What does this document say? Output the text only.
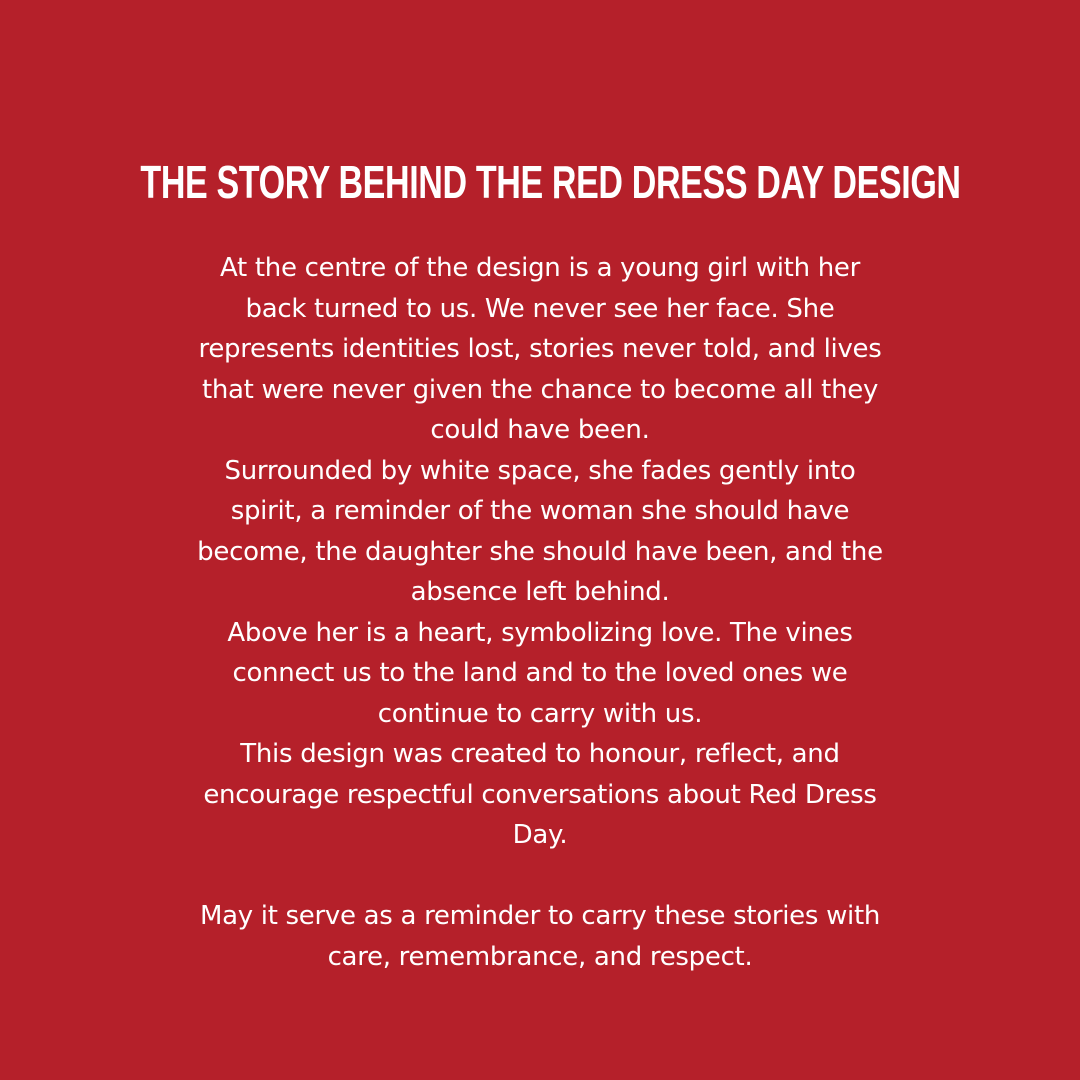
THE STORY BEHIND THE RED DRESS DAY DESIGN

At the centre of the design is a young girl with her
back turned to us. We never see her face. She
represents identities lost, stories never told, and lives
that were never given the chance to become all they
could have been.

Surrounded by white space, she fades gently into
spirit, a reminder of the woman she should have
become, the daughter she should have been, and the
absence left behind.

Above her is a heart, symbolizing love. The vines
connect us to the land and to the loved ones we
continue to carry with us.

This design was created to honour, reflect, and
encourage respectful conversations about Red Dress
Day.

May it serve as a reminder to carry these stories with
care, remembrance, and respect.
